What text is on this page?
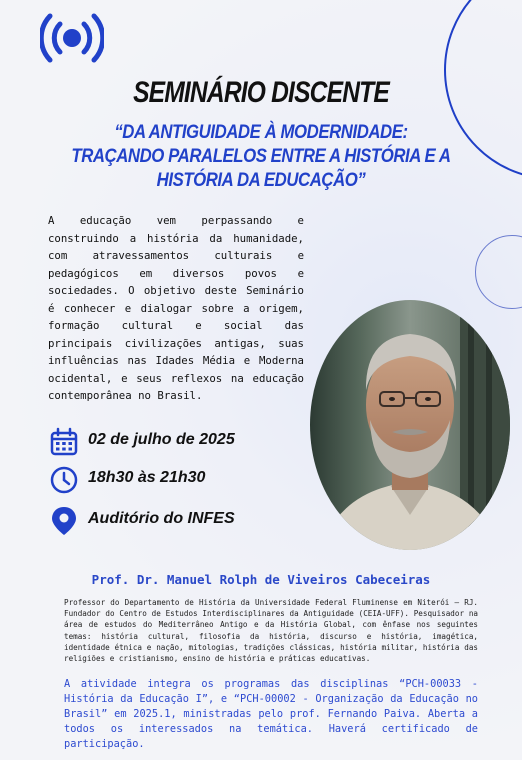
SEMINÁRIO DISCENTE
“DA ANTIGUIDADE À MODERNIDADE:
TRAÇANDO PARALELOS ENTRE A HISTÓRIA E A
HISTÓRIA DA EDUCAÇÃO”
A educação vem perpassando e construindo a história da humanidade, com atravessamentos culturais e pedagógicos em diversos povos e sociedades. O objetivo deste Seminário é conhecer e dialogar sobre a origem, formação cultural e social das principais civilizações antigas, suas influências nas Idades Média e Moderna ocidental, e seus reflexos na educação contemporânea no Brasil.
02 de julho de 2025
18h30 às 21h30
Auditório do INFES
Prof. Dr. Manuel Rolph de Viveiros Cabeceiras
Professor do Departamento de História da Universidade Federal Fluminense em Niterói – RJ. Fundador do Centro de Estudos Interdisciplinares da Antiguidade (CEIA-UFF). Pesquisador na área de estudos do Mediterrâneo Antigo e da História Global, com ênfase nos seguintes temas: história cultural, filosofia da história, discurso e história, imagética, identidade étnica e nação, mitologias, tradições clássicas, história militar, história das religiões e cristianismo, ensino de história e práticas educativas.
A atividade integra os programas das disciplinas “PCH-00033 - História da Educação I”, e “PCH-00002 - Organização da Educação no Brasil” em 2025.1, ministradas pelo prof. Fernando Paiva. Aberta a todos os interessados na temática. Haverá certificado de participação.
